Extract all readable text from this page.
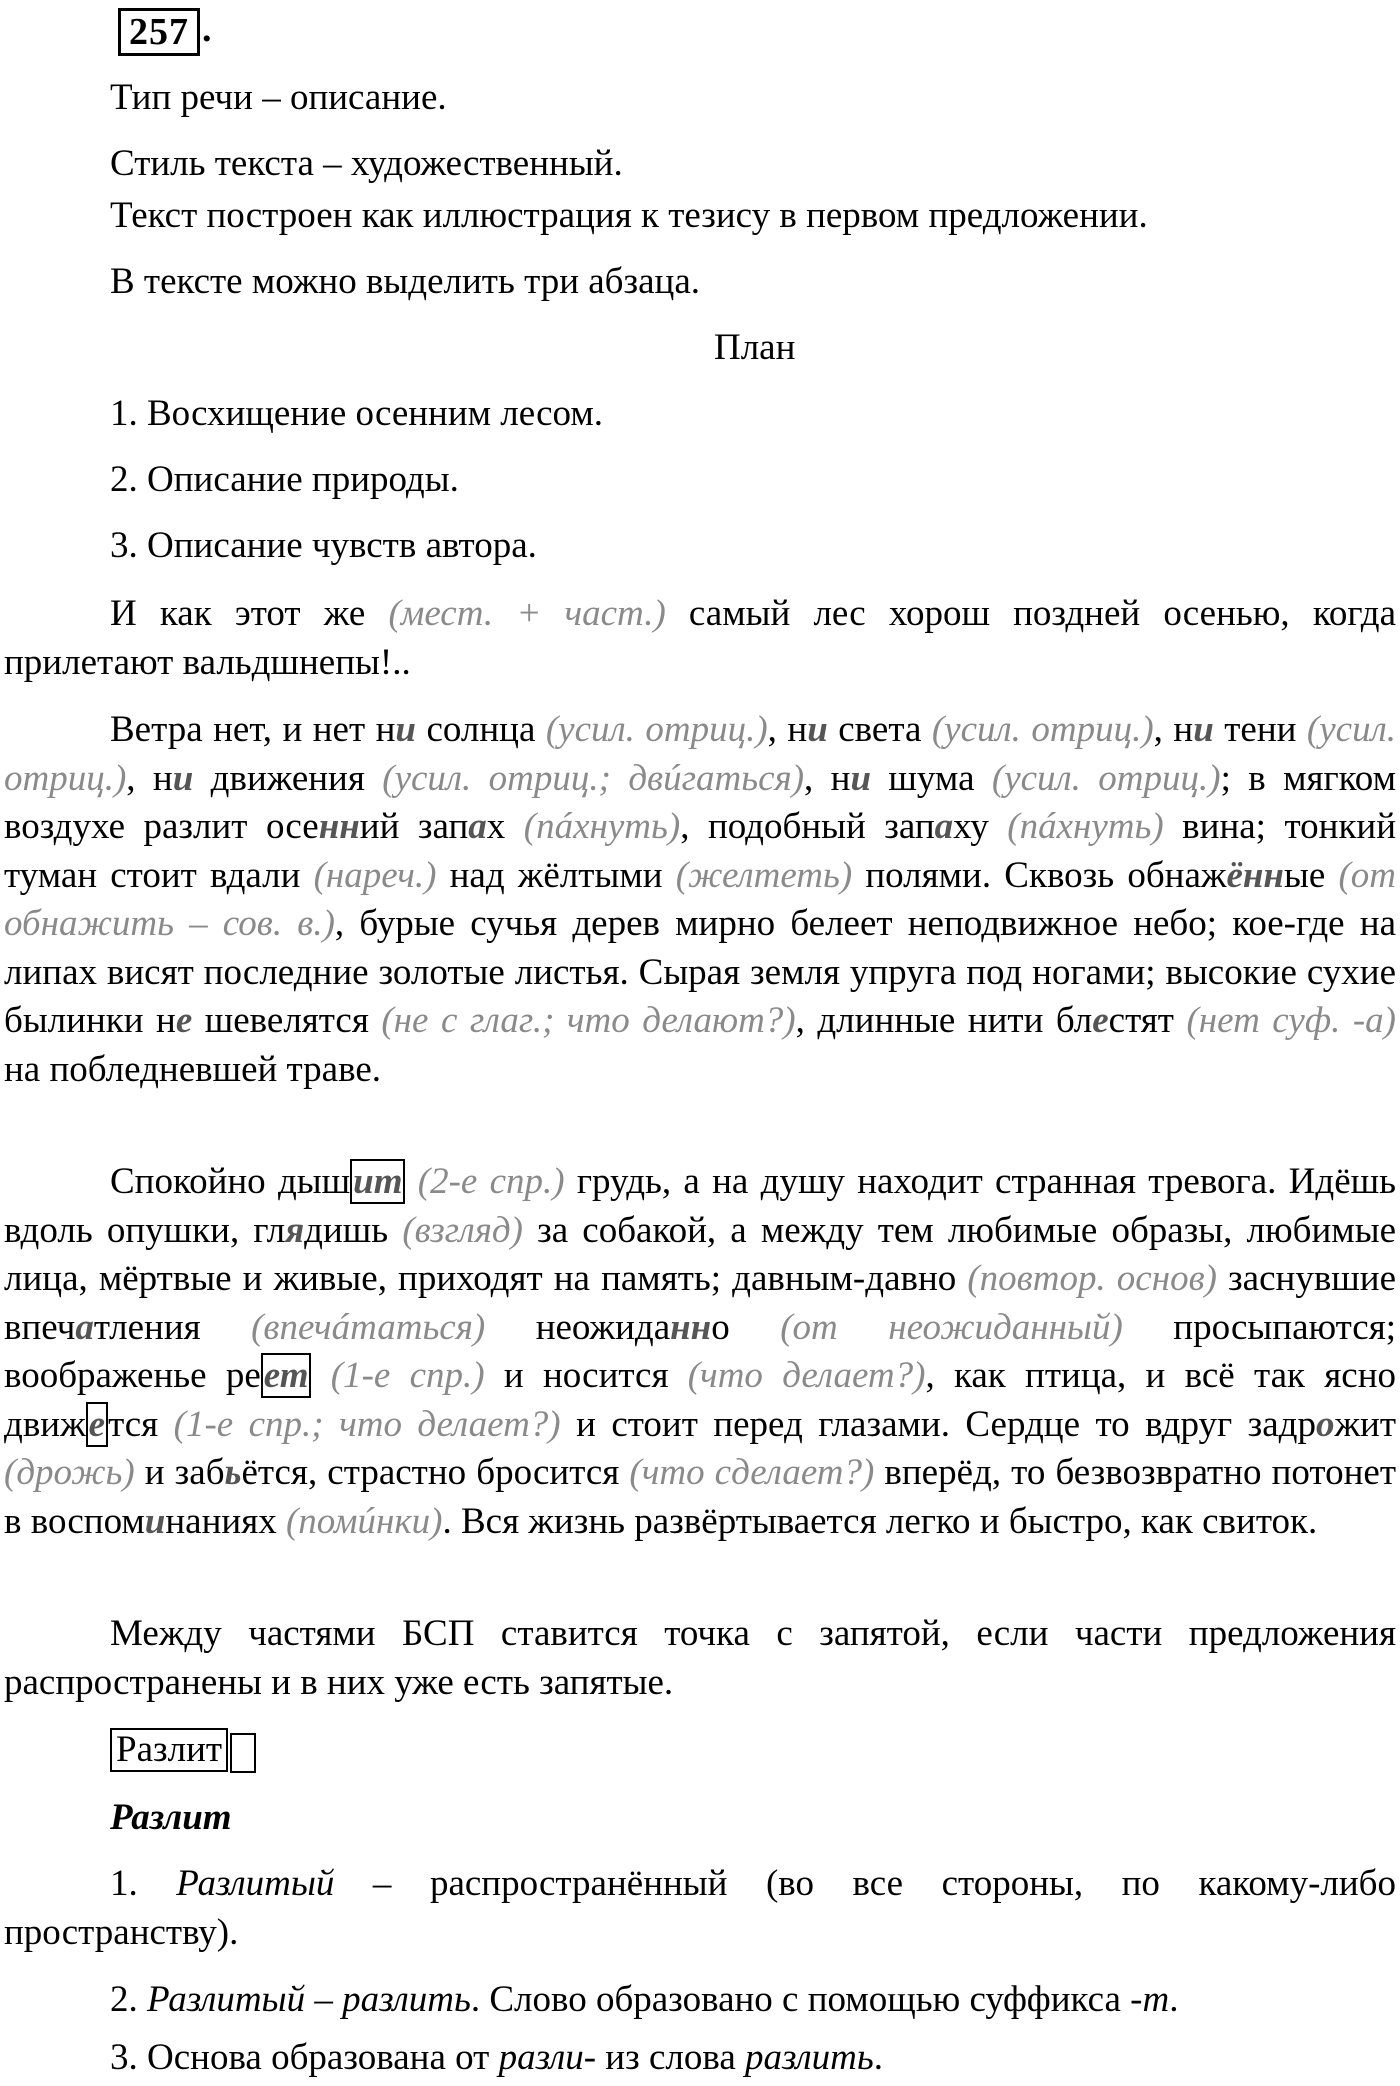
257 .
Тип речи – описание.
Стиль текста – художественный.
Текст построен как иллюстрация к тезису в первом предложении.
В тексте можно выделить три абзаца.
План
1. Восхищение осенним лесом.
2. Описание природы.
3. Описание чувств автора.
И как этот же (мест. + част.) самый лес хорош поздней осенью, когда прилетают вальдшнепы!..
Ветра нет, и нет ни солнца (усил. отриц.), ни света (усил. отриц.), ни тени (усил. отриц.), ни движения (усил. отриц.; двúгаться), ни шума (усил. отриц.); в мягком воздухе разлит осенний запах (пáхнуть), подобный запаху (пáхнуть) вина; тонкий туман стоит вдали (нареч.) над жёлтыми (желтеть) полями. Сквозь обнажённые (от обнажить – сов. в.), бурые сучья дерев мирно белеет неподвижное небо; кое-где на липах висят последние золотые листья. Сырая земля упруга под ногами; высокие сухие былинки не шевелятся (не с глаг.; что делают?), длинные нити блестят (нет суф. -а) на побледневшей траве.
Спокойно дышит (2-е спр.) грудь, а на душу находит странная тревога. Идёшь вдоль опушки, глядишь (взгляд) за собакой, а между тем любимые образы, любимые лица, мёртвые и живые, приходят на память; давным-давно (повтор. основ) заснувшие впечатления (впечáтаться) неожиданно (от неожиданный) просыпаются; воображенье реет (1-е спр.) и носится (что делает?), как птица, и всё так ясно движется (1-е спр.; что делает?) и стоит перед глазами. Сердце то вдруг задрожит (дрожь) и забьётся, страстно бросится (что сделает?) вперёд, то безвозвратно потонет в воспоминаниях (помúнки). Вся жизнь развёртывается легко и быстро, как свиток.
Между частями БСП ставится точка с запятой, если части предложения распространены и в них уже есть запятые.
Разлит
Разлит
1. Разлитый – распространённый (во все стороны, по какому-либо пространству).
2. Разлитый – разлить. Слово образовано с помощью суффикса -т.
3. Основа образована от разли- из слова разлить.
